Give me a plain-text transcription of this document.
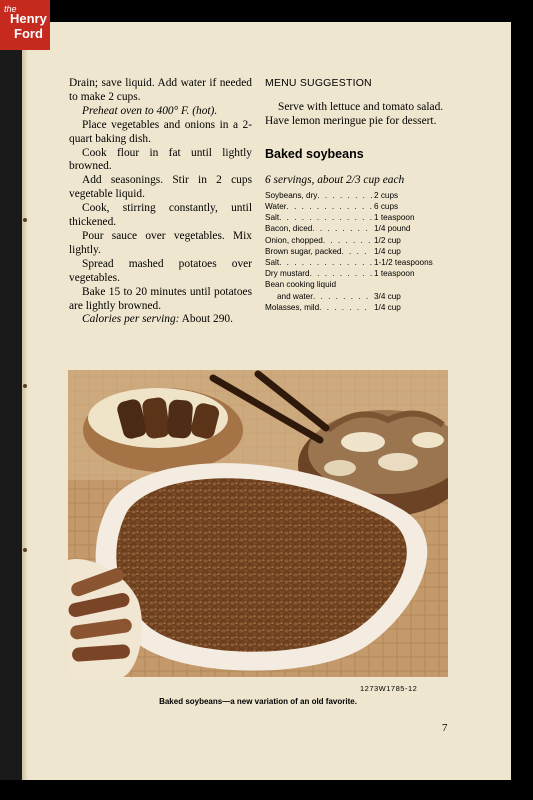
the
Henry
Ford

Drain; save liquid. Add water if needed to make 2 cups.

Preheat oven to 400° F. (hot).

Place vegetables and onions in a 2-quart baking dish.

Cook flour in fat until lightly browned.

Add seasonings. Stir in 2 cups vegetable liquid.

Cook, stirring constantly, until thickened.

Pour sauce over vegetables. Mix lightly.

Spread mashed potatoes over vegetables.

Bake 15 to 20 minutes until potatoes are lightly browned.

Calories per serving: About 290.

MENU SUGGESTION

Serve with lettuce and tomato salad. Have lemon meringue pie for dessert.

Baked soybeans

6 servings, about 2/3 cup each

Soybeans, dry . . .	2 cups
Water . . .	6 cups
Salt . . .	1 teaspoon
Bacon, diced . . .	1/4 pound
Onion, chopped . . .	1/2 cup
Brown sugar, packed . . .	1/4 cup
Salt . . .	1-1/2 teaspoons
Dry mustard . . .	1 teaspoon
Bean cooking liquid
and water . . .	3/4 cup
Molasses, mild . . .	1/4 cup
1273W1785-12
Baked soybeans—a new variation of an old favorite.
7
